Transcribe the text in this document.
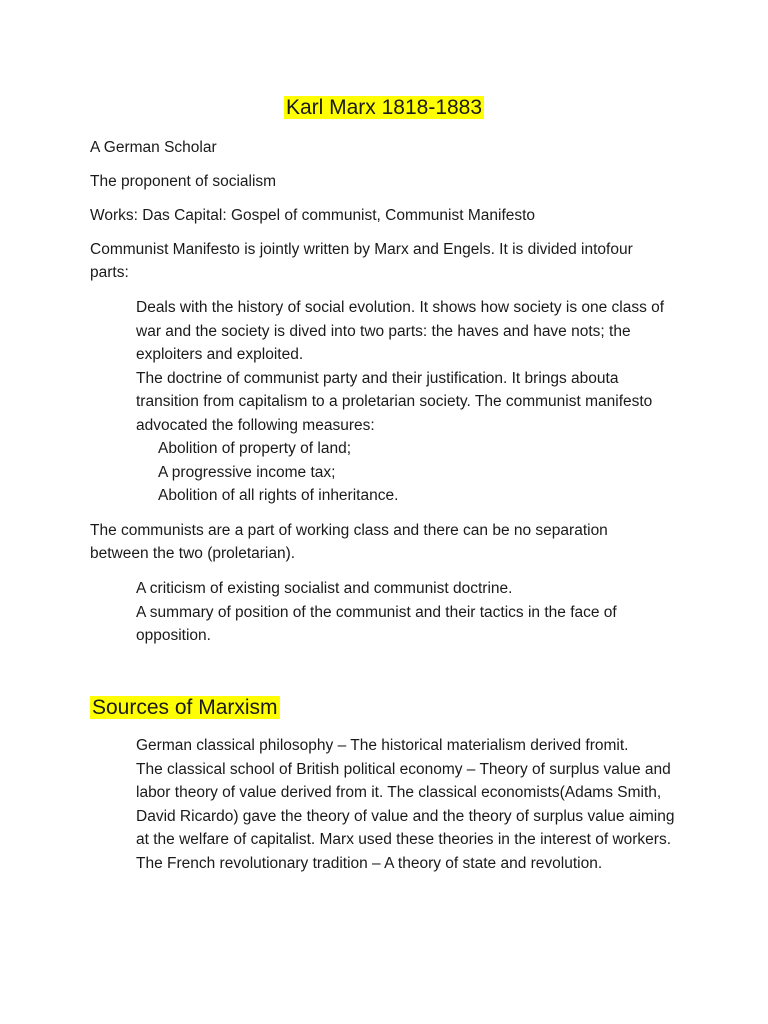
Karl Marx 1818-1883

A German Scholar

The proponent of socialism

Works: Das Capital: Gospel of communist, Communist Manifesto

Communist Manifesto is jointly written by Marx and Engels. It is divided intofour parts:

Deals with the history of social evolution. It shows how society is one class of war and the society is dived into two parts: the haves and have nots; the exploiters and exploited.
The doctrine of communist party and their justification. It brings abouta transition from capitalism to a proletarian society. The communist manifesto advocated the following measures:
Abolition of property of land;
A progressive income tax;
Abolition of all rights of inheritance.

The communists are a part of working class and there can be no separation between the two (proletarian).

A criticism of existing socialist and communist doctrine.
A summary of position of the communist and their tactics in the face of opposition.
Sources of Marxism
German classical philosophy – The historical materialism derived fromit.
The classical school of British political economy – Theory of surplus value and labor theory of value derived from it. The classical economists(Adams Smith, David Ricardo) gave the theory of value and the theory of surplus value aiming at the welfare of capitalist. Marx used these theories in the interest of workers.
The French revolutionary tradition – A theory of state and revolution.
